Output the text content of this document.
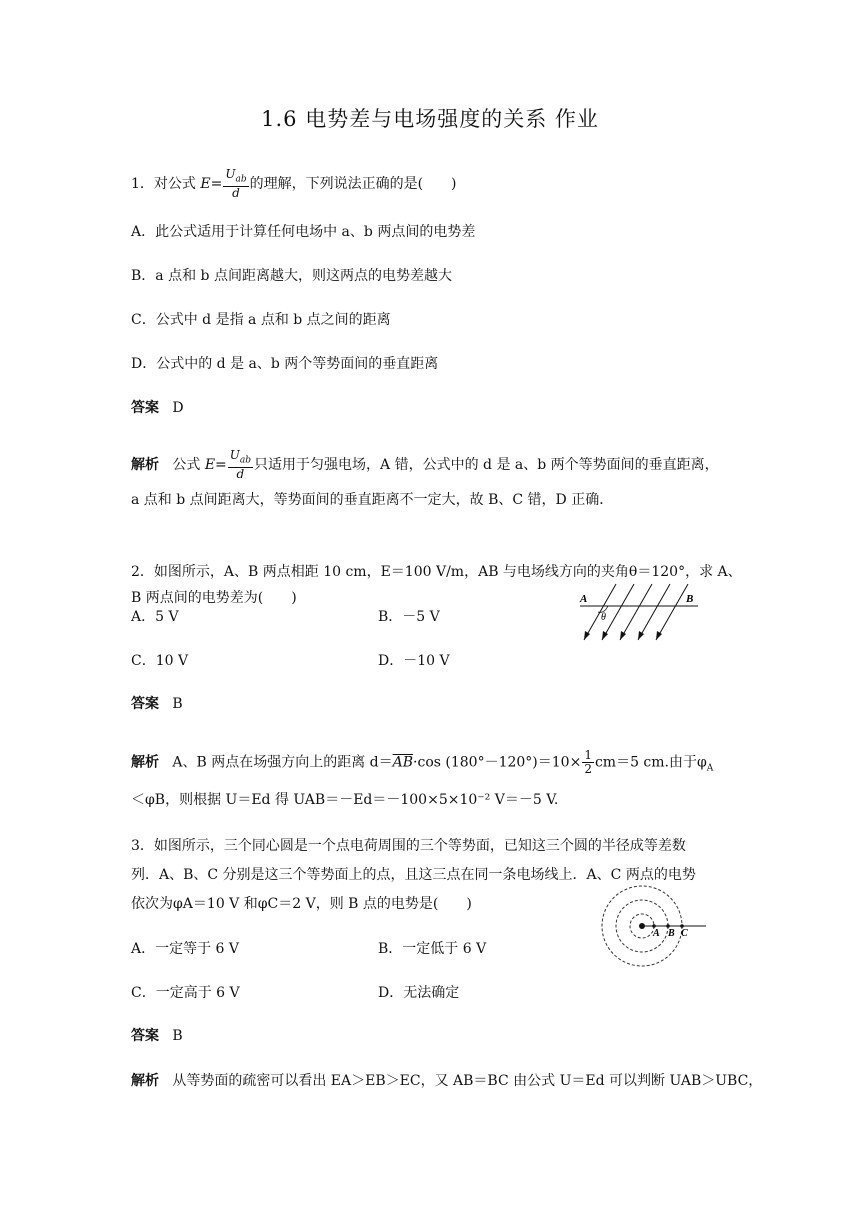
1.6 电势差与电场强度的关系 作业
1．对公式 $E= \frac{U_{ab}}{d}$ 的理解，下列说法正确的是(　　)
A．此公式适用于计算任何电场中 a、b 两点间的电势差
B．a 点和 b 点间距离越大，则这两点的电势差越大
C．公式中 d 是指 a 点和 b 点之间的距离
D．公式中的 d 是 a、b 两个等势面间的垂直距离
答案 D
解析 公式 $E= \frac{U_{ab}}{d}$ 只适用于匀强电场，A 错，公式中的 d 是 a、b 两个等势面间的垂直距离，
a 点和 b 点间距离大，等势面间的垂直距离不一定大，故 B、C 错，D 正确．
2．如图所示，A、B 两点相距 10 cm，E＝100 V/m，AB 与电场线方向的夹角θ＝120°，求 A、
B 两点间的电势差为(　　)
A．5 V	B．－5 V
C．10 V	D．－10 V
A	B
θ
答案 B
解析 A、B 两点在场强方向上的距离 $d=\overline{AB}\cdot\cos$ $(180^\circ-120^\circ)=10\times \frac{1}{2} cm=5$ cm.由于$\varphi_A$
＜φB，则根据 U＝Ed 得 UAB＝－Ed＝－100×5×10⁻² V＝－5 V.
3．如图所示，三个同心圆是一个点电荷周围的三个等势面，已知这三个圆的半径成等差数
列．A、B、C 分别是这三个等势面上的点，且这三点在同一条电场线上．A、C 两点的电势
依次为φA＝10 V 和φC＝2 V，则 B 点的电势是(　　)
A．一定等于 6 V	B．一定低于 6 V
C．一定高于 6 V	D．无法确定
A B C
答案 B
解析 从等势面的疏密可以看出 EA＞EB＞EC，又 AB＝BC 由公式 U＝Ed 可以判断 UAB＞UBC，
